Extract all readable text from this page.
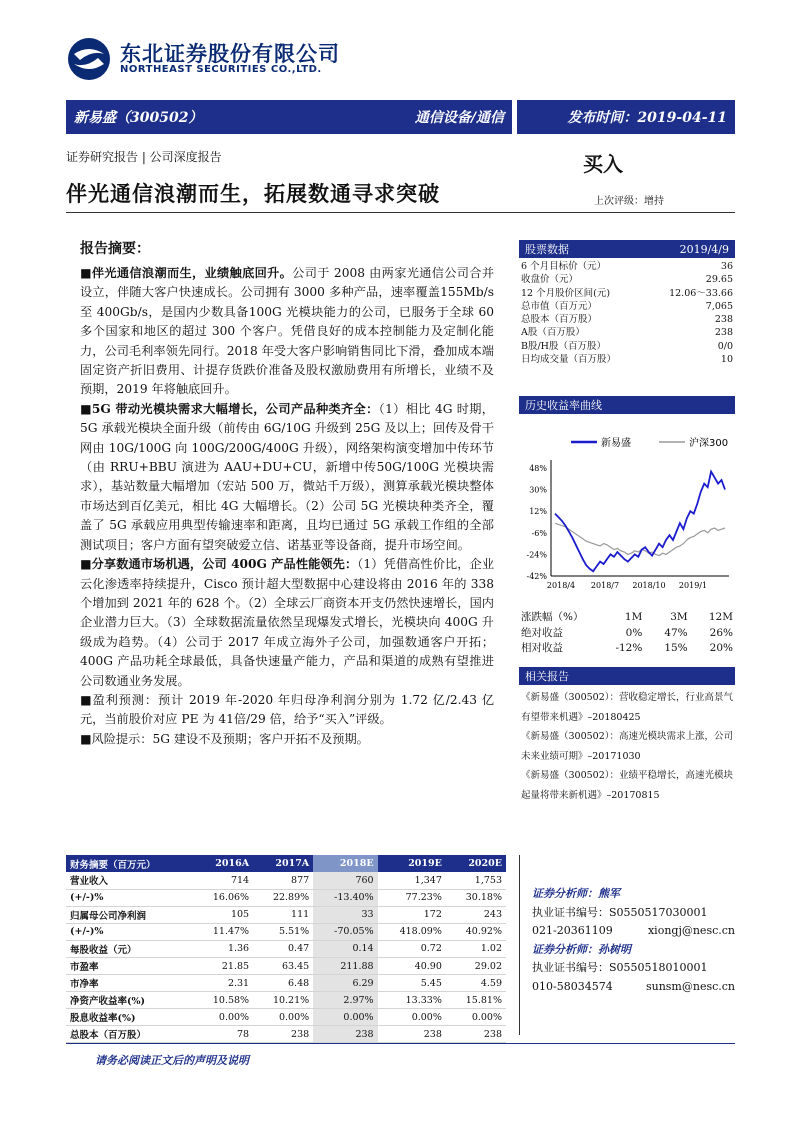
东北证券股份有限公司
NORTHEAST SECURITIES CO.,LTD.
新易盛（300502）	通信设备/通信	发布时间：2019-04-11
证券研究报告 | 公司深度报告	买入
伴光通信浪潮而生，拓展数通寻求突破	上次评级：增持
报告摘要：

■伴光通信浪潮而生，业绩触底回升。公司于 2008 由两家光通信公司合并设立，伴随大客户快速成长。公司拥有 3000 多种产品，速率覆盖155Mb/s 至 400Gb/s，是国内少数具备100G 光模块能力的公司，已服务于全球 60 多个国家和地区的超过 300 个客户。凭借良好的成本控制能力及定制化能力，公司毛利率领先同行。2018 年受大客户影响销售同比下滑，叠加成本端固定资产折旧费用、计提存货跌价准备及股权激励费用有所增长，业绩不及预期，2019 年将触底回升。

■5G 带动光模块需求大幅增长，公司产品种类齐全：（1）相比 4G 时期，5G 承载光模块全面升级（前传由 6G/10G 升级到 25G 及以上；回传及骨干网由 10G/100G 向 100G/200G/400G 升级），网络架构演变增加中传环节（由 RRU+BBU 演进为 AAU+DU+CU，新增中传50G/100G 光模块需求），基站数量大幅增加（宏站 500 万，微站千万级），测算承载光模块整体市场达到百亿美元，相比 4G 大幅增长。（2）公司 5G 光模块种类齐全，覆盖了 5G 承载应用典型传输速率和距离，且均已通过 5G 承载工作组的全部测试项目；客户方面有望突破爱立信、诺基亚等设备商，提升市场空间。

■分享数通市场机遇，公司 400G 产品性能领先：（1）凭借高性价比，企业云化渗透率持续提升，Cisco 预计超大型数据中心建设将由 2016 年的 338 个增加到 2021 年的 628 个。（2）全球云厂商资本开支仍然快速增长，国内企业潜力巨大。（3）全球数据流量依然呈现爆发式增长，光模块向 400G 升级成为趋势。（4）公司于 2017 年成立海外子公司，加强数通客户开拓；400G 产品功耗全球最低，具备快速量产能力，产品和渠道的成熟有望推进公司数通业务发展。

■盈利预测：预计 2019 年-2020 年归母净利润分别为 1.72 亿/2.43 亿元，当前股价对应 PE 为 41倍/29 倍，给予“买入”评级。

■风险提示：5G 建设不及预期；客户开拓不及预期。

股票数据	2019/4/9
6 个月目标价（元）	36
收盘价（元）	29.65
12 个月股价区间(元)	12.06～33.66
总市值（百万元）	7,065
总股本（百万股）	238
A股（百万股）	238
B股/H股（百万股）	0/0
日均成交量（百万股）	10
历史收益率曲线
新易盛	沪深300
48%
30%
12%
-6%
-24%
-42%
2018/4 2018/7 2018/10 2019/1
涨跌幅（%）	1M	3M	12M
绝对收益	0%	47%	26%
相对收益	-12%	15%	20%
相关报告

《新易盛（300502）：营收稳定增长，行业高景气有望带来机遇》–20180425

《新易盛（300502）：高速光模块需求上涨，公司未来业绩可期》–20171030

《新易盛（300502）：业绩平稳增长，高速光模块起量将带来新机遇》–20170815

财务摘要（百万元）	2016A	2017A	2018E	2019E	2020E
营业收入	714	877	760	1,347	1,753
(+/-)%	16.06%	22.89%	-13.40%	77.23%	30.18%
归属母公司净利润	105	111	33	172	243
(+/-)%	11.47%	5.51%	-70.05%	418.09%	40.92%
每股收益（元）	1.36	0.47	0.14	0.72	1.02
市盈率	21.85	63.45	211.88	40.90	29.02
市净率	2.31	6.48	6.29	5.45	4.59
净资产收益率(%)	10.58%	10.21%	2.97%	13.33%	15.81%
股息收益率(%)	0.00%	0.00%	0.00%	0.00%	0.00%
总股本（百万股）	78	238	238	238	238
证券分析师：熊军
执业证书编号：S0550517030001
021-20361109	xiongj@nesc.cn
证券分析师：孙树明
执业证书编号：S0550518010001
010-58034574	sunsm@nesc.cn
请务必阅读正文后的声明及说明
